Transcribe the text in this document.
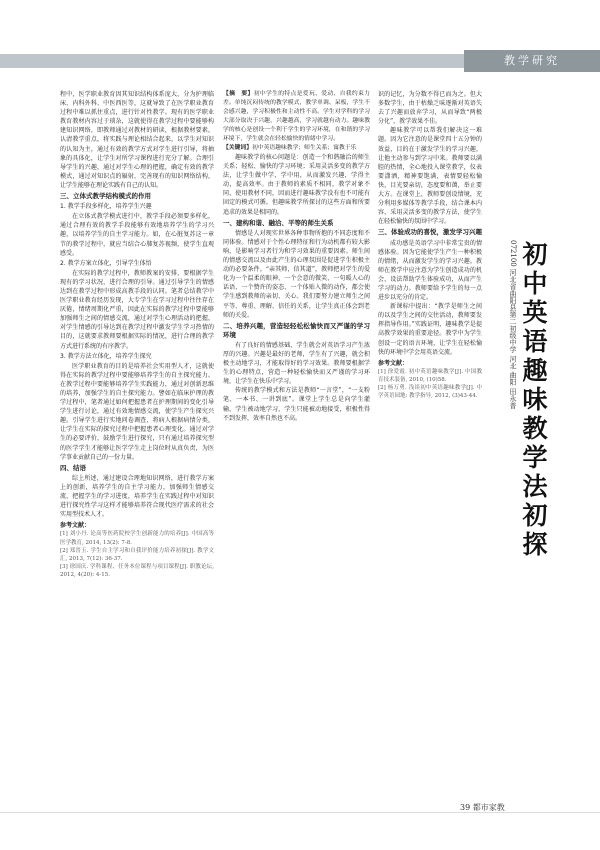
教学研究

程中，医学职业教育因其知识结构体系庞大，分为护理临床、内科外科、中医西医等，这就导致了在医学职业教育过程中难以抓住重点，进行针对性教学。现有的医学职业教育教材内容过于琐杂，这就使得在教学过程中要能够构建知识网络，即教师通过对教材的研读，根据教材要素，认清教学重点，将实践与理论相结合起来，以学生对知识的认知为主，通过有效的教学方式对学生进行引导，将抽象的具体化，让学生对所学习课程进行充分了解。合理引导学生的兴趣，通过对学生心理的把握，确定有效的教学模式，通过对知识点的辐射，完善现有的知识网络结构，让学生能够在理论实践有自己的认知。

三、立体式教学结构模式的作用
1. 教学手段多样化，培养学生兴趣

在立体式教学模式进行中，教学手段必须要多样化，通过合理有效的教学手段能够有效地培养学生的学习兴趣，以培养学生的自主学习能力。如，在心脏复苏这一章节的教学过程中，就应当结合心肺复苏视频，使学生直观感受。

2. 教学方案立体化，引导学生体悟

在实际的教学过程中，教师教案的安排，要根据学生现有的学习状况，进行合理的引导。通过引导学生的情感达到在教学过程中形成高教手段的认同。笔者总结教学中医学职业教育经历发现，大专学生在学习过程中往往存在厌倦，情绪周期化严重，因此在实际的教学过程中要能够加强师生之间的情感交流，通过对学生心理活动的把握，对学生情感的引导达到在教学过程中激发学生学习热情的目的，这就要求教师要根据实际的情况，进行合理的教学方式进行系统的有序教学。

3. 教学方法立体化，培养学生探究

医学职业教育的目的是培养社会实用型人才，这就使得在实际的教学过程中要能够培养学生的自主探究能力。在教学过程中要能够培养学生实践能力，通过对创新思维的培养，加强学生的自主探究能力。譬如在临床护理的教学过程中，笔者通过如何把握患者在护理期间的变化引导学生进行讨论，通过有效地情感交流，使学生产生探究兴趣。引导学生进行实地问卷调查，将病人根据病情分类，让学生在实际的探究过程中把握患者心理变化。通过对学生的必要评价，鼓励学生进行探究，只有通过培养探究型的医学学生才能够让医学学生走上岗位时从真负责，为医学事业贡献自己的一份力量。

四、结语

综上所述，通过建设合理地知识网络，进行教学方案上的创新，培养学生的自主学习能力，加强师生情感交流，把握学生的学习进度，培养学生在实践过程中对知识进行探究性学习这样才能够培养符合现代医疗需求的社会实用型技术人才。

参考文献：
[1] 刘小丹. 论高等医药院校学生创新能力的培养[J]. 中国高等医学教育, 2014, 13(2): 7-8.
[2] 郑晋玉. 学生自主学习和自我评价能力培养初探[J]. 教学文汇, 2013, 7(12): 36-37.
[3] 徐国庆. 学科课程、任务本位课程与项目课程[J]. 职教论坛, 2012, 4(20): 4-15.
【摘　要】初中学生的特点是爱玩、爱动、自我约束力差。单纯沉闷传统的教学模式，教学单调、呆板，学生不会感兴趣，学习积极性和主动性不高。学生对学科的学习大部分取决于兴趣，兴趣越高，学习就越有动力。趣味教学的核心是创设一个利于学生的学习环境，在和谐的学习环境下，学生就会在轻松愉快的情绪中学习。
【关键词】初中英语趣味教学；师生关系；寓教于乐

趣味教学的核心问题是：创造一个和谐融洽的师生关系；轻松、愉快的学习环境；采用灵活多变的教学方法，让学生做中学，学中用，从而激发兴趣，学得主动，提高效率。由于教师的素质不相同，教学对象不同，使用教材不同，因而进行趣味教学没有也不可能有固定的模式可循。但趣味教学所探讨的这些方面和所要追求的效果是相同的。

一、建构和谐、融洽、平等的师生关系

情感是人对现实世界各种事物所抱的不同态度和不同体验。情感对于个性心理特征和行为动机都有较大影响，是影响学习者行为和学习效果的重要因素。师生间的情感交流以及由此产生的心理氛围是促进学生积极主动的必要条件。“亲其师，信其道”，教师把对学生的爱化为一个温柔的眼神、一个会意的微笑、一句暖人心的话语、一个赞许的姿态、一个体贴入微的动作，都会使学生感到教师的亲切、关心。我们要努力建立师生之间平等、尊重、理解、信任的关系，让学生真正体会到老师的关爱。

二、培养兴趣，营造轻轻松松愉快而又严谨的学习环境

有了良好的情感基础，学生就会对英语学习产生浓厚的兴趣。兴趣是最好的老师，学生有了兴趣，就会积极主动地学习，才能取得好的学习效果。教师要根据学生的心理特点，营造一种轻松愉快而又严谨的学习环境，让学生在快乐中学习。

传统的教学模式和方法是教师“一言堂”，“一支粉笔、一本书、一讲到底”。课堂上学生总是向学生灌输，学生被动地学习，学生只能被动地接受，积极性得不到发挥，效率自然也不高。

识的记忆，为分数不得已而为之。但大多数学生，由于枯燥乏味逐渐对英语失去了兴趣而放弃学习，从而导致“两极分化”，教学效果不佳。

趣味教学可以帮我们解决这一难题。因为它注意的是课堂四十五分钟的效益，目的在于激发学生的学习兴趣，让他主动参与到学习中来。教师要以满腔的热情，全心地投入课堂教学，仪表要潇洒，精神要饱满，表情要轻松愉快，目光要亲切，态度要和蔼，举止要大方。在课堂上，教师要创设情境，充分利用多媒体等教学手段，结合课本内容，采用灵活多变的教学方法，使学生在轻松愉快的氛围中学习。

三、体验成功的喜悦，激发学习兴趣

成功感是英语学习中非常宝贵的情感体验。因为它能使学生产生一种积极的情绪，从而激发学生的学习兴趣。教师在教学中应注意为学生创造成功的机会，设法帮助学生体验成功，从而产生学习的动力。教师要给予学生的每一点进步以充分的肯定。

新课标中提出：“教学是师生之间的以及学生之间的交往活动，教师要发挥指导作用。”实践证明，趣味教学是提高教学效果的重要途径。教学中为学生创设一定的语言环境，让学生在轻松愉快的环境中学会用英语交流。

参考文献：
[1] 徐爱霞. 初中英语趣味教学[J]. 中国教育技术装备, 2010, (10)58.
[2] 杨万勇. 浅谈初中英语趣味教学[J]. 中学英语园地: 教学指导, 2012, (3)43-44.	072100 河北省曲阳县第二初级中学 河北 曲阳 田永普 初中英语趣味教学法初探
39 都市家教
